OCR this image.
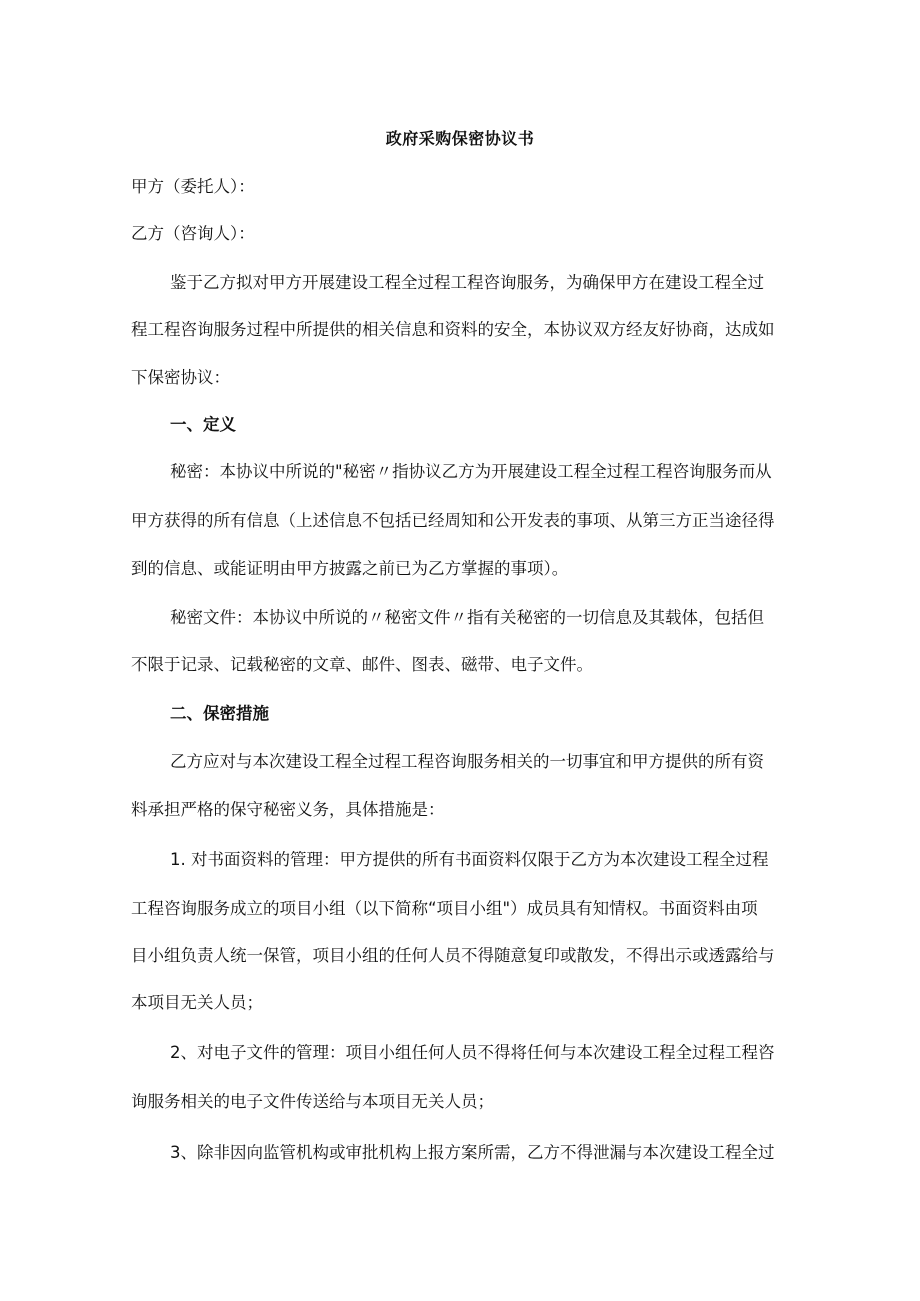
政府采购保密协议书
甲方（委托人）：
乙方（咨询人）：
鉴于乙方拟对甲方开展建设工程全过程工程咨询服务，为确保甲方在建设工程全过
程工程咨询服务过程中所提供的相关信息和资料的安全，本协议双方经友好协商，达成如
下保密协议：
一、定义
秘密：本协议中所说的"秘密〃指协议乙方为开展建设工程全过程工程咨询服务而从
甲方获得的所有信息（上述信息不包括已经周知和公开发表的事项、从第三方正当途径得
到的信息、或能证明由甲方披露之前已为乙方掌握的事项）。
秘密文件：本协议中所说的〃秘密文件〃指有关秘密的一切信息及其载体，包括但
不限于记录、记载秘密的文章、邮件、图表、磁带、电子文件。
二、保密措施
乙方应对与本次建设工程全过程工程咨询服务相关的一切事宜和甲方提供的所有资
料承担严格的保守秘密义务，具体措施是：
1. 对书面资料的管理：甲方提供的所有书面资料仅限于乙方为本次建设工程全过程
工程咨询服务成立的项目小组（以下简称“项目小组"）成员具有知情权。书面资料由项
目小组负责人统一保管，项目小组的任何人员不得随意复印或散发，不得出示或透露给与
本项目无关人员；
2、对电子文件的管理：项目小组任何人员不得将任何与本次建设工程全过程工程咨
询服务相关的电子文件传送给与本项目无关人员；
3、除非因向监管机构或审批机构上报方案所需，乙方不得泄漏与本次建设工程全过
